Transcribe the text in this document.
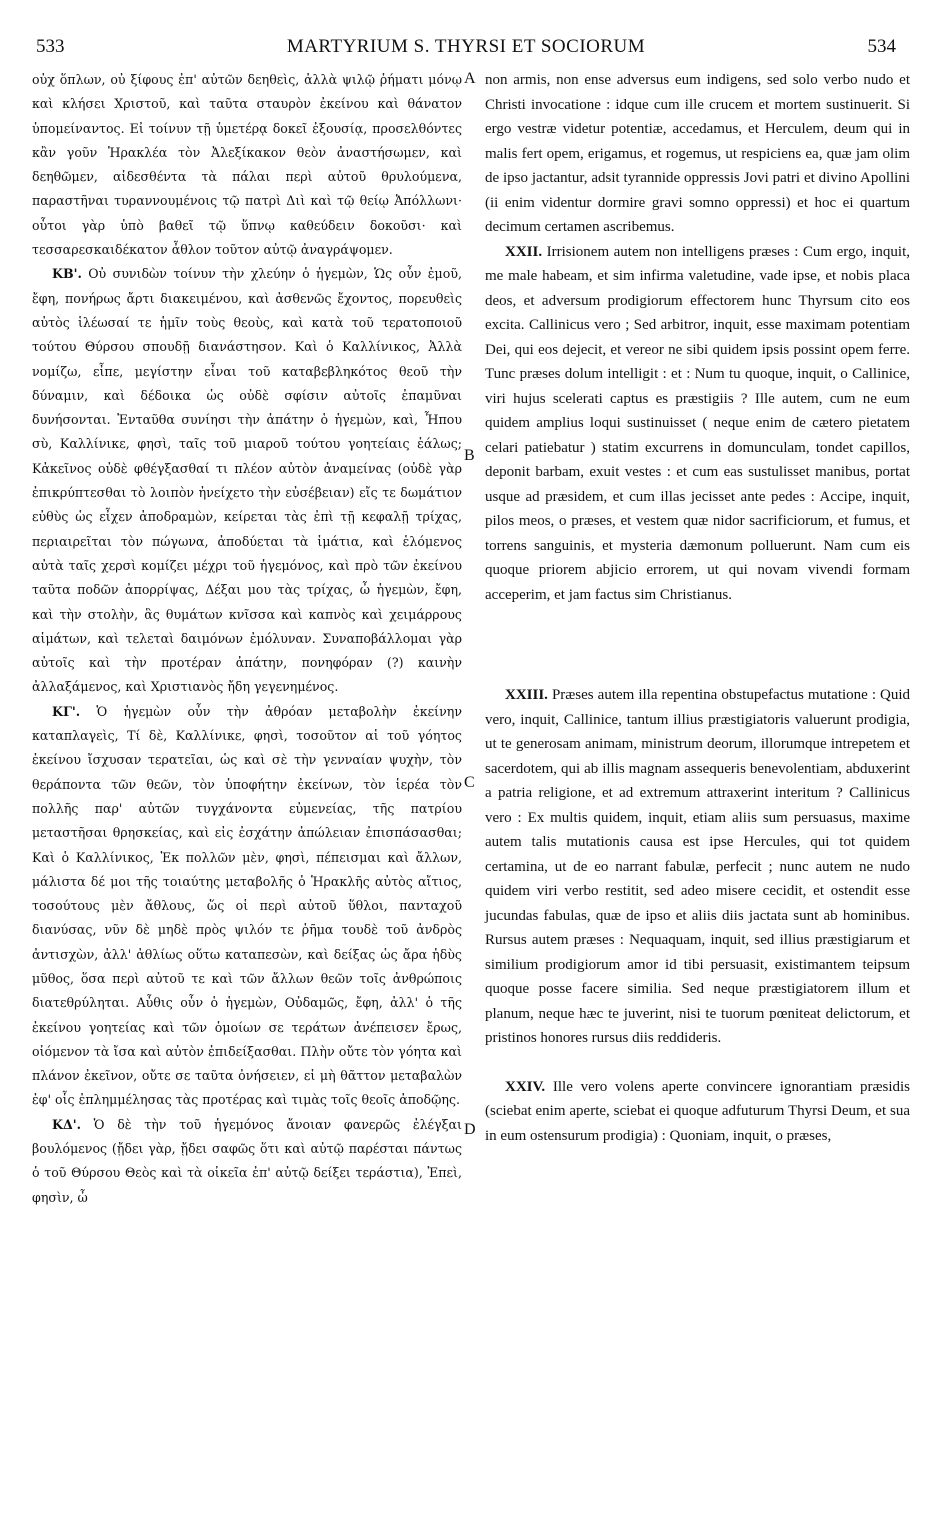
533	MARTYRIUM S. THYRSI ET SOCIORUM	534
A
B
C
D

οὐχ ὅπλων, οὐ ξίφους ἐπ' αὐτῶν δεηθεὶς, ἀλλὰ ψιλῷ ῥήματι μόνῳ καὶ κλήσει Χριστοῦ, καὶ ταῦτα σταυρὸν ἐκείνου καὶ θάνατον ὑπομείναντος. Εἰ τοίνυν τῇ ὑμετέρᾳ δοκεῖ ἐξουσίᾳ, προσελθόντες κἂν γοῦν Ἡρακλέα τὸν Ἀλεξίκακον θεὸν ἀναστήσωμεν, καὶ δεηθῶμεν, αἰδεσθέντα τὰ πάλαι περὶ αὐτοῦ θρυλούμενα, παραστῆναι τυραννουμένοις τῷ πατρὶ Διὶ καὶ τῷ θείῳ Ἀπόλλωνι· οὗτοι γὰρ ὑπὸ βαθεῖ τῷ ὕπνῳ καθεύδειν δοκοῦσι· καὶ τεσσαρεσκαιδέκατον ἆθλον τοῦτον αὐτῷ ἀναγράψομεν.

ΚΒ'. Οὐ συνιδὼν τοίνυν τὴν χλεύην ὁ ἡγεμὼν, Ὡς οὖν ἐμοῦ, ἔφη, πονήρως ἄρτι διακειμένου, καὶ ἀσθενῶς ἔχοντος, πορευθεὶς αὐτὸς ἱλέωσαί τε ἡμῖν τοὺς θεοὺς, καὶ κατὰ τοῦ τερατοποιοῦ τούτου Θύρσου σπουδῇ διανάστησον. Καὶ ὁ Καλλίνικος, Ἀλλὰ νομίζω, εἶπε, μεγίστην εἶναι τοῦ καταβεβληκότος θεοῦ τὴν δύναμιν, καὶ δέδοικα ὡς οὐδὲ σφίσιν αὐτοῖς ἐπαμῦναι δυνήσονται. Ἐνταῦθα συνίησι τὴν ἀπάτην ὁ ἡγεμὼν, καὶ, Ἦπου σὺ, Καλλίνικε, φησὶ, ταῖς τοῦ μιαροῦ τούτου γοητείαις ἑάλως; Κἀκεῖνος οὐδὲ φθέγξασθαί τι πλέον αὐτὸν ἀναμείνας (οὐδὲ γὰρ ἐπικρύπτεσθαι τὸ λοιπὸν ἠνείχετο τὴν εὐσέβειαν) εἴς τε δωμάτιον εὐθὺς ὡς εἶχεν ἀποδραμὼν, κείρεται τὰς ἐπὶ τῇ κεφαλῇ τρίχας, περιαιρεῖται τὸν πώγωνα, ἀποδύεται τὰ ἱμάτια, καὶ ἑλόμενος αὐτὰ ταῖς χερσὶ κομίζει μέχρι τοῦ ἡγεμόνος, καὶ πρὸ τῶν ἐκείνου ταῦτα ποδῶν ἀπορρίψας, Δέξαι μου τὰς τρίχας, ὦ ἡγεμὼν, ἔφη, καὶ τὴν στολὴν, ἃς θυμάτων κνῖσσα καὶ καπνὸς καὶ χειμάρρους αἱμάτων, καὶ τελεταὶ δαιμόνων ἐμόλυναν. Συναποβάλλομαι γὰρ αὐτοῖς καὶ τὴν προτέραν ἀπάτην, πονηφόραν (?) καινὴν ἀλλαξάμενος, καὶ Χριστιανὸς ἤδη γεγενημένος.

ΚΓ'. Ὁ ἡγεμὼν οὖν τὴν ἀθρόαν μεταβολὴν ἐκείνην καταπλαγεὶς, Τί δὲ, Καλλίνικε, φησὶ, τοσοῦτον αἱ τοῦ γόητος ἐκείνου ἴσχυσαν τερατεῖαι, ὡς καὶ σὲ τὴν γενναίαν ψυχὴν, τὸν θεράποντα τῶν θεῶν, τὸν ὑποφήτην ἐκείνων, τὸν ἱερέα τὸν πολλῆς παρ' αὐτῶν τυγχάνοντα εὐμενείας, τῆς πατρίου μεταστῆσαι θρησκείας, καὶ εἰς ἐσχάτην ἀπώλειαν ἐπισπάσασθαι; Καὶ ὁ Καλλίνικος, Ἐκ πολλῶν μὲν, φησὶ, πέπεισμαι καὶ ἄλλων, μάλιστα δέ μοι τῆς τοιαύτης μεταβολῆς ὁ Ἡρακλῆς αὐτὸς αἴτιος, τοσούτους μὲν ἄθλους, ὥς οἱ περὶ αὐτοῦ ὕθλοι, πανταχοῦ διανύσας, νῦν δὲ μηδὲ πρὸς ψιλόν τε ῥῆμα τουδὲ τοῦ ἀνδρὸς ἀντισχὼν, ἀλλ' ἀθλίως οὕτω καταπεσὼν, καὶ δείξας ὡς ἄρα ἡδὺς μῦθος, ὅσα περὶ αὐτοῦ τε καὶ τῶν ἄλλων θεῶν τοῖς ἀνθρώποις διατεθρύληται. Αὖθις οὖν ὁ ἡγεμὼν, Οὐδαμῶς, ἔφη, ἀλλ' ὁ τῆς ἐκείνου γοητείας καὶ τῶν ὁμοίων σε τεράτων ἀνέπεισεν ἔρως, οἰόμενον τὰ ἴσα καὶ αὐτὸν ἐπιδείξασθαι. Πλὴν οὔτε τὸν γόητα καὶ πλάνον ἐκεῖνον, οὔτε σε ταῦτα ὀνήσειεν, εἰ μὴ θᾶττον μεταβαλὼν ἐφ' οἷς ἐπλημμέλησας τὰς προτέρας καὶ τιμὰς τοῖς θεοῖς ἀποδῷης.

ΚΔ'. Ὁ δὲ τὴν τοῦ ἡγεμόνος ἄνοιαν φανερῶς ἐλέγξαι βουλόμενος (ᾔδει γὰρ, ᾔδει σαφῶς ὅτι καὶ αὐτῷ παρέσται πάντως ὁ τοῦ Θύρσου Θεὸς καὶ τὰ οἰκεῖα ἐπ' αὐτῷ δείξει τεράστια), Ἐπεὶ, φησὶν, ὦ

non armis, non ense adversus eum indigens, sed solo verbo nudo et Christi invocatione : idque cum ille crucem et mortem sustinuerit. Si ergo vestræ videtur potentiæ, accedamus, et Herculem, deum qui in malis fert opem, erigamus, et rogemus, ut respiciens ea, quæ jam olim de ipso jactantur, adsit tyrannide oppressis Jovi patri et divino Apollini (ii enim videntur dormire gravi somno oppressi) et hoc ei quartum decimum certamen ascribemus.

XXII. Irrisionem autem non intelligens præses : Cum ergo, inquit, me male habeam, et sim infirma valetudine, vade ipse, et nobis placa deos, et adversum prodigiorum effectorem hunc Thyrsum cito eos excita. Callinicus vero ; Sed arbitror, inquit, esse maximam potentiam Dei, qui eos dejecit, et vereor ne sibi quidem ipsis possint opem ferre. Tunc præses dolum intelligit : et : Num tu quoque, inquit, o Callinice, viri hujus scelerati captus es præstigiis ? Ille autem, cum ne eum quidem amplius loqui sustinuisset ( neque enim de cætero pietatem celari patiebatur ) statim excurrens in domunculam, tondet capillos, deponit barbam, exuit vestes : et cum eas sustulisset manibus, portat usque ad præsidem, et cum illas jecisset ante pedes : Accipe, inquit, pilos meos, o præses, et vestem quæ nidor sacrificiorum, et fumus, et torrens sanguinis, et mysteria dæmonum polluerunt. Nam cum eis quoque priorem abjicio errorem, ut qui novam vivendi formam acceperim, et jam factus sim Christianus.

XXIII. Præses autem illa repentina obstupefactus mutatione : Quid vero, inquit, Callinice, tantum illius præstigiatoris valuerunt prodigia, ut te generosam animam, ministrum deorum, illorumque intrepetem et sacerdotem, qui ab illis magnam assequeris benevolentiam, abduxerint a patria religione, et ad extremum attraxerint interitum ? Callinicus vero : Ex multis quidem, inquit, etiam aliis sum persuasus, maxime autem talis mutationis causa est ipse Hercules, qui tot quidem certamina, ut de eo narrant fabulæ, perfecit ; nunc autem ne nudo quidem viri verbo restitit, sed adeo misere cecidit, et ostendit esse jucundas fabulas, quæ de ipso et aliis diis jactata sunt ab hominibus. Rursus autem præses : Nequaquam, inquit, sed illius præstigiarum et similium prodigiorum amor id tibi persuasit, existimantem teipsum quoque posse facere similia. Sed neque præstigiatorem illum et planum, neque hæc te juverint, nisi te tuorum pœniteat delictorum, et pristinos honores rursus diis reddideris.

XXIV. Ille vero volens aperte convincere ignorantiam præsidis (sciebat enim aperte, sciebat ei quoque adfuturum Thyrsi Deum, et sua in eum ostensurum prodigia) : Quoniam, inquit, o præses,
